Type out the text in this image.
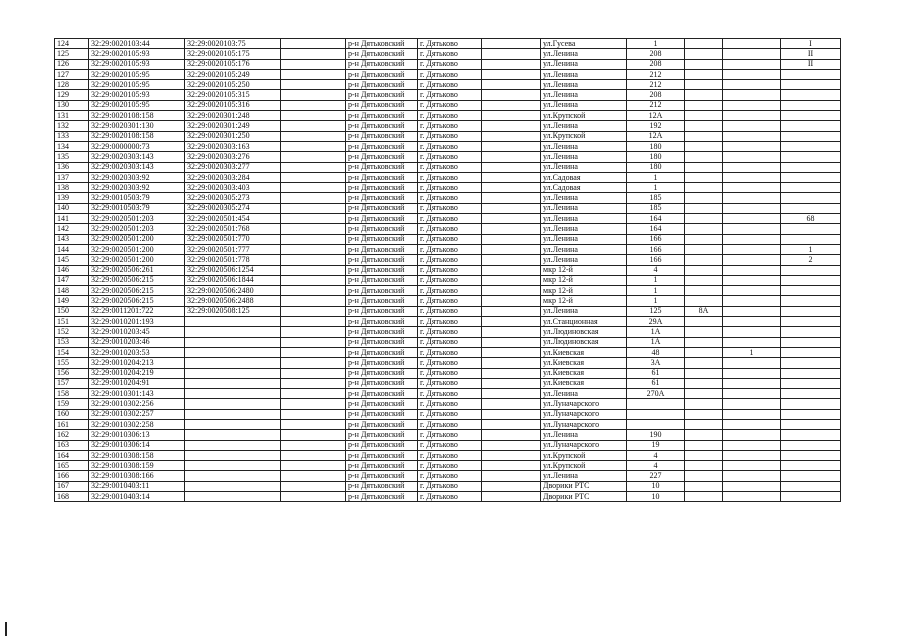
124	32:29:0020103:44	32:29:0020103:75		р-н Дятьковский	г. Дятьково		ул.Гусева	1			I
125	32:29:0020105:93	32:29:0020105:175		р-н Дятьковский	г. Дятьково		ул.Ленина	208			II
126	32:29:0020105:93	32:29:0020105:176		р-н Дятьковский	г. Дятьково		ул.Ленина	208			II
127	32:29:0020105:95	32:29:0020105:249		р-н Дятьковский	г. Дятьково		ул.Ленина	212			
128	32:29:0020105:95	32:29:0020105:250		р-н Дятьковский	г. Дятьково		ул.Ленина	212			
129	32:29:0020105:93	32:29:0020105:315		р-н Дятьковский	г. Дятьково		ул.Ленина	208			
130	32:29:0020105:95	32:29:0020105:316		р-н Дятьковский	г. Дятьково		ул.Ленина	212			
131	32:29:0020108:158	32:29:0020301:248		р-н Дятьковский	г. Дятьково		ул.Крупской	12А			
132	32:29:0020301:130	32:29:0020301:249		р-н Дятьковский	г. Дятьково		ул.Ленина	192			
133	32:29:0020108:158	32:29:0020301:250		р-н Дятьковский	г. Дятьково		ул.Крупской	12А			
134	32:29:0000000:73	32:29:0020303:163		р-н Дятьковский	г. Дятьково		ул.Ленина	180			
135	32:29:0020303:143	32:29:0020303:276		р-н Дятьковский	г. Дятьково		ул.Ленина	180			
136	32:29:0020303:143	32:29:0020303:277		р-н Дятьковский	г. Дятьково		ул.Ленина	180			
137	32:29:0020303:92	32:29:0020303:284		р-н Дятьковский	г. Дятьково		ул.Садовая	1			
138	32:29:0020303:92	32:29:0020303:403		р-н Дятьковский	г. Дятьково		ул.Садовая	1			
139	32:29:0010503:79	32:29:0020305:273		р-н Дятьковский	г. Дятьково		ул.Ленина	185			
140	32:29:0010503:79	32:29:0020305:274		р-н Дятьковский	г. Дятьково		ул.Ленина	185			
141	32:29:0020501:203	32:29:0020501:454		р-н Дятьковский	г. Дятьково		ул.Ленина	164			68
142	32:29:0020501:203	32:29:0020501:768		р-н Дятьковский	г. Дятьково		ул.Ленина	164			
143	32:29:0020501:200	32:29:0020501:770		р-н Дятьковский	г. Дятьково		ул.Ленина	166			
144	32:29:0020501:200	32:29:0020501:777		р-н Дятьковский	г. Дятьково		ул.Ленина	166			1
145	32:29:0020501:200	32:29:0020501:778		р-н Дятьковский	г. Дятьково		ул.Ленина	166			2
146	32:29:0020506:261	32:29:0020506:1254		р-н Дятьковский	г. Дятьково		мкр 12-й	4			
147	32:29:0020506:215	32:29:0020506:1844		р-н Дятьковский	г. Дятьково		мкр 12-й	1			
148	32:29:0020506:215	32:29:0020506:2480		р-н Дятьковский	г. Дятьково		мкр 12-й	1			
149	32:29:0020506:215	32:29:0020506:2488		р-н Дятьковский	г. Дятьково		мкр 12-й	1			
150	32:29:0011201:722	32:29:0020508:125		р-н Дятьковский	г. Дятьково		ул.Ленина	125	8А		
151	32:29:0010201:193			р-н Дятьковский	г. Дятьково		ул.Станционная	29А			
152	32:29:0010203:45			р-н Дятьковский	г. Дятьково		ул.Людиновская	1А			
153	32:29:0010203:46			р-н Дятьковский	г. Дятьково		ул.Людиновская	1А			
154	32:29:0010203:53			р-н Дятьковский	г. Дятьково		ул.Киевская	48		1	
155	32:29:0010204:213			р-н Дятьковский	г. Дятьково		ул.Киевская	3А			
156	32:29:0010204:219			р-н Дятьковский	г. Дятьково		ул.Киевская	61			
157	32:29:0010204:91			р-н Дятьковский	г. Дятьково		ул.Киевская	61			
158	32:29:0010301:143			р-н Дятьковский	г. Дятьково		ул.Ленина	270А			
159	32:29:0010302:256			р-н Дятьковский	г. Дятьково		ул.Луначарского				
160	32:29:0010302:257			р-н Дятьковский	г. Дятьково		ул.Луначарского				
161	32:29:0010302:258			р-н Дятьковский	г. Дятьково		ул.Луначарского				
162	32:29:0010306:13			р-н Дятьковский	г. Дятьково		ул.Ленина	190			
163	32:29:0010306:14			р-н Дятьковский	г. Дятьково		ул.Луначарского	19			
164	32:29:0010308:158			р-н Дятьковский	г. Дятьково		ул.Крупской	4			
165	32:29:0010308:159			р-н Дятьковский	г. Дятьково		ул.Крупской	4			
166	32:29:0010308:166			р-н Дятьковский	г. Дятьково		ул.Ленина	227			
167	32:29:0010403:11			р-н Дятьковский	г. Дятьково		Дворики РТС	10			
168	32:29:0010403:14			р-н Дятьковский	г. Дятьково		Дворики РТС	10			
